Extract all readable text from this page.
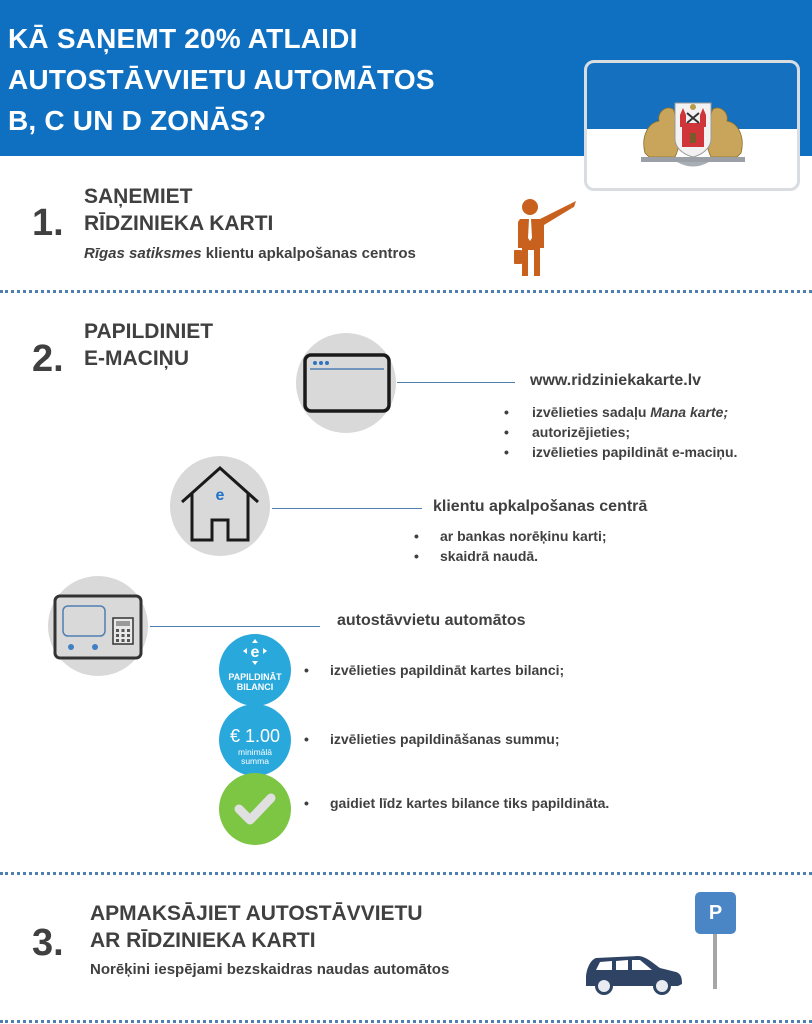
KĀ SAŅEMT 20% ATLAIDI
AUTOSTĀVVIETU AUTOMĀTOS
B, C UN D ZONĀS?
1.
SAŅEMIET
RĪDZINIEKA KARTI
Rīgas satiksmes klientu apkalpošanas centros
2.
PAPILDINIET
E-MACIŅU
www.ridziniekakarte.lv
• izvēlieties sadaļu Mana karte;
• autorizējieties;
• izvēlieties papildināt e-maciņu.
e
klientu apkalpošanas centrā
• ar bankas norēķinu karti;
• skaidrā naudā.
autostāvvietu automātos
e
PAPILDINĀT
BILANCI
• izvēlieties papildināt kartes bilanci;
€ 1.00
minimālā
summa
• izvēlieties papildināšanas summu;
• gaidiet līdz kartes bilance tiks papildināta.
3.
APMAKSĀJIET AUTOSTĀVVIETU
AR RĪDZINIEKA KARTI
Norēķini iespējami bezskaidras naudas automātos
P
